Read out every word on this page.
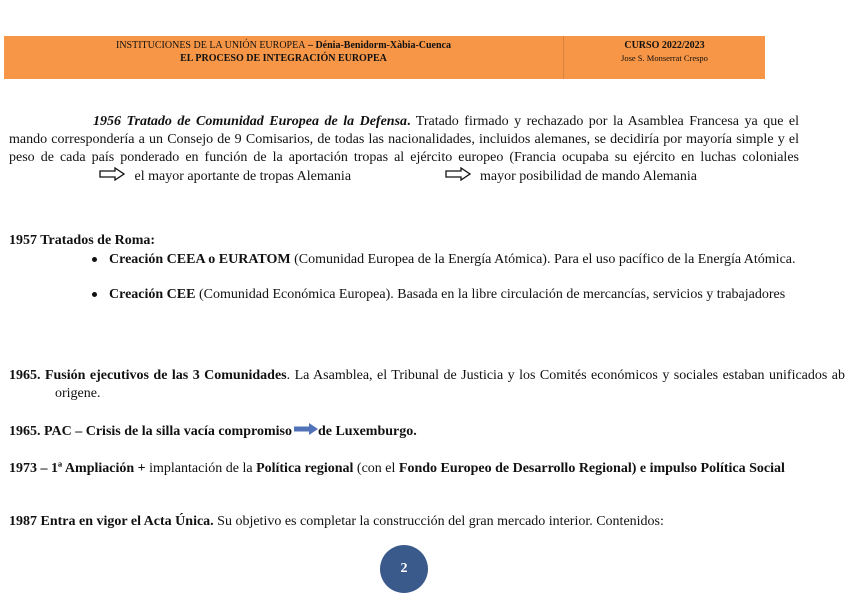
INSTITUCIONES DE LA UNIÓN EUROPEA – Dénia-Benidorm-Xàbia-Cuenca
EL PROCESO DE INTEGRACIÓN EUROPEA
CURSO 2022/2023
Jose S. Monserrat Crespo
1956 Tratado de Comunidad Europea de la Defensa. Tratado firmado y rechazado por la Asamblea Francesa ya que el mando correspondería a un Consejo de 9 Comisarios, de todas las nacionalidades, incluidos alemanes, se decidiría por mayoría simple y el peso de cada país ponderado en función de la aportación tropas al ejército europeo (Francia ocupaba su ejército en luchas coloniales  el mayor aportante de tropas Alemania	mayor posibilidad de mando Alemania
1957 Tratados de Roma:
Creación CEEA o EURATOM (Comunidad Europea de la Energía Atómica). Para el uso pacífico de la Energía Atómica.
Creación CEE (Comunidad Económica Europea). Basada en la libre circulación de mercancías, servicios y trabajadores
1965. Fusión ejecutivos de las 3 Comunidades. La Asamblea, el Tribunal de Justicia y los Comités económicos y sociales estaban unificados ab origene.
1965. PAC – Crisis de la silla vacía compromiso de Luxemburgo.
1973 – 1ª Ampliación + implantación de la Política regional (con el Fondo Europeo de Desarrollo Regional) e impulso Política Social
1987 Entra en vigor el Acta Única. Su objetivo es completar la construcción del gran mercado interior. Contenidos:
2
